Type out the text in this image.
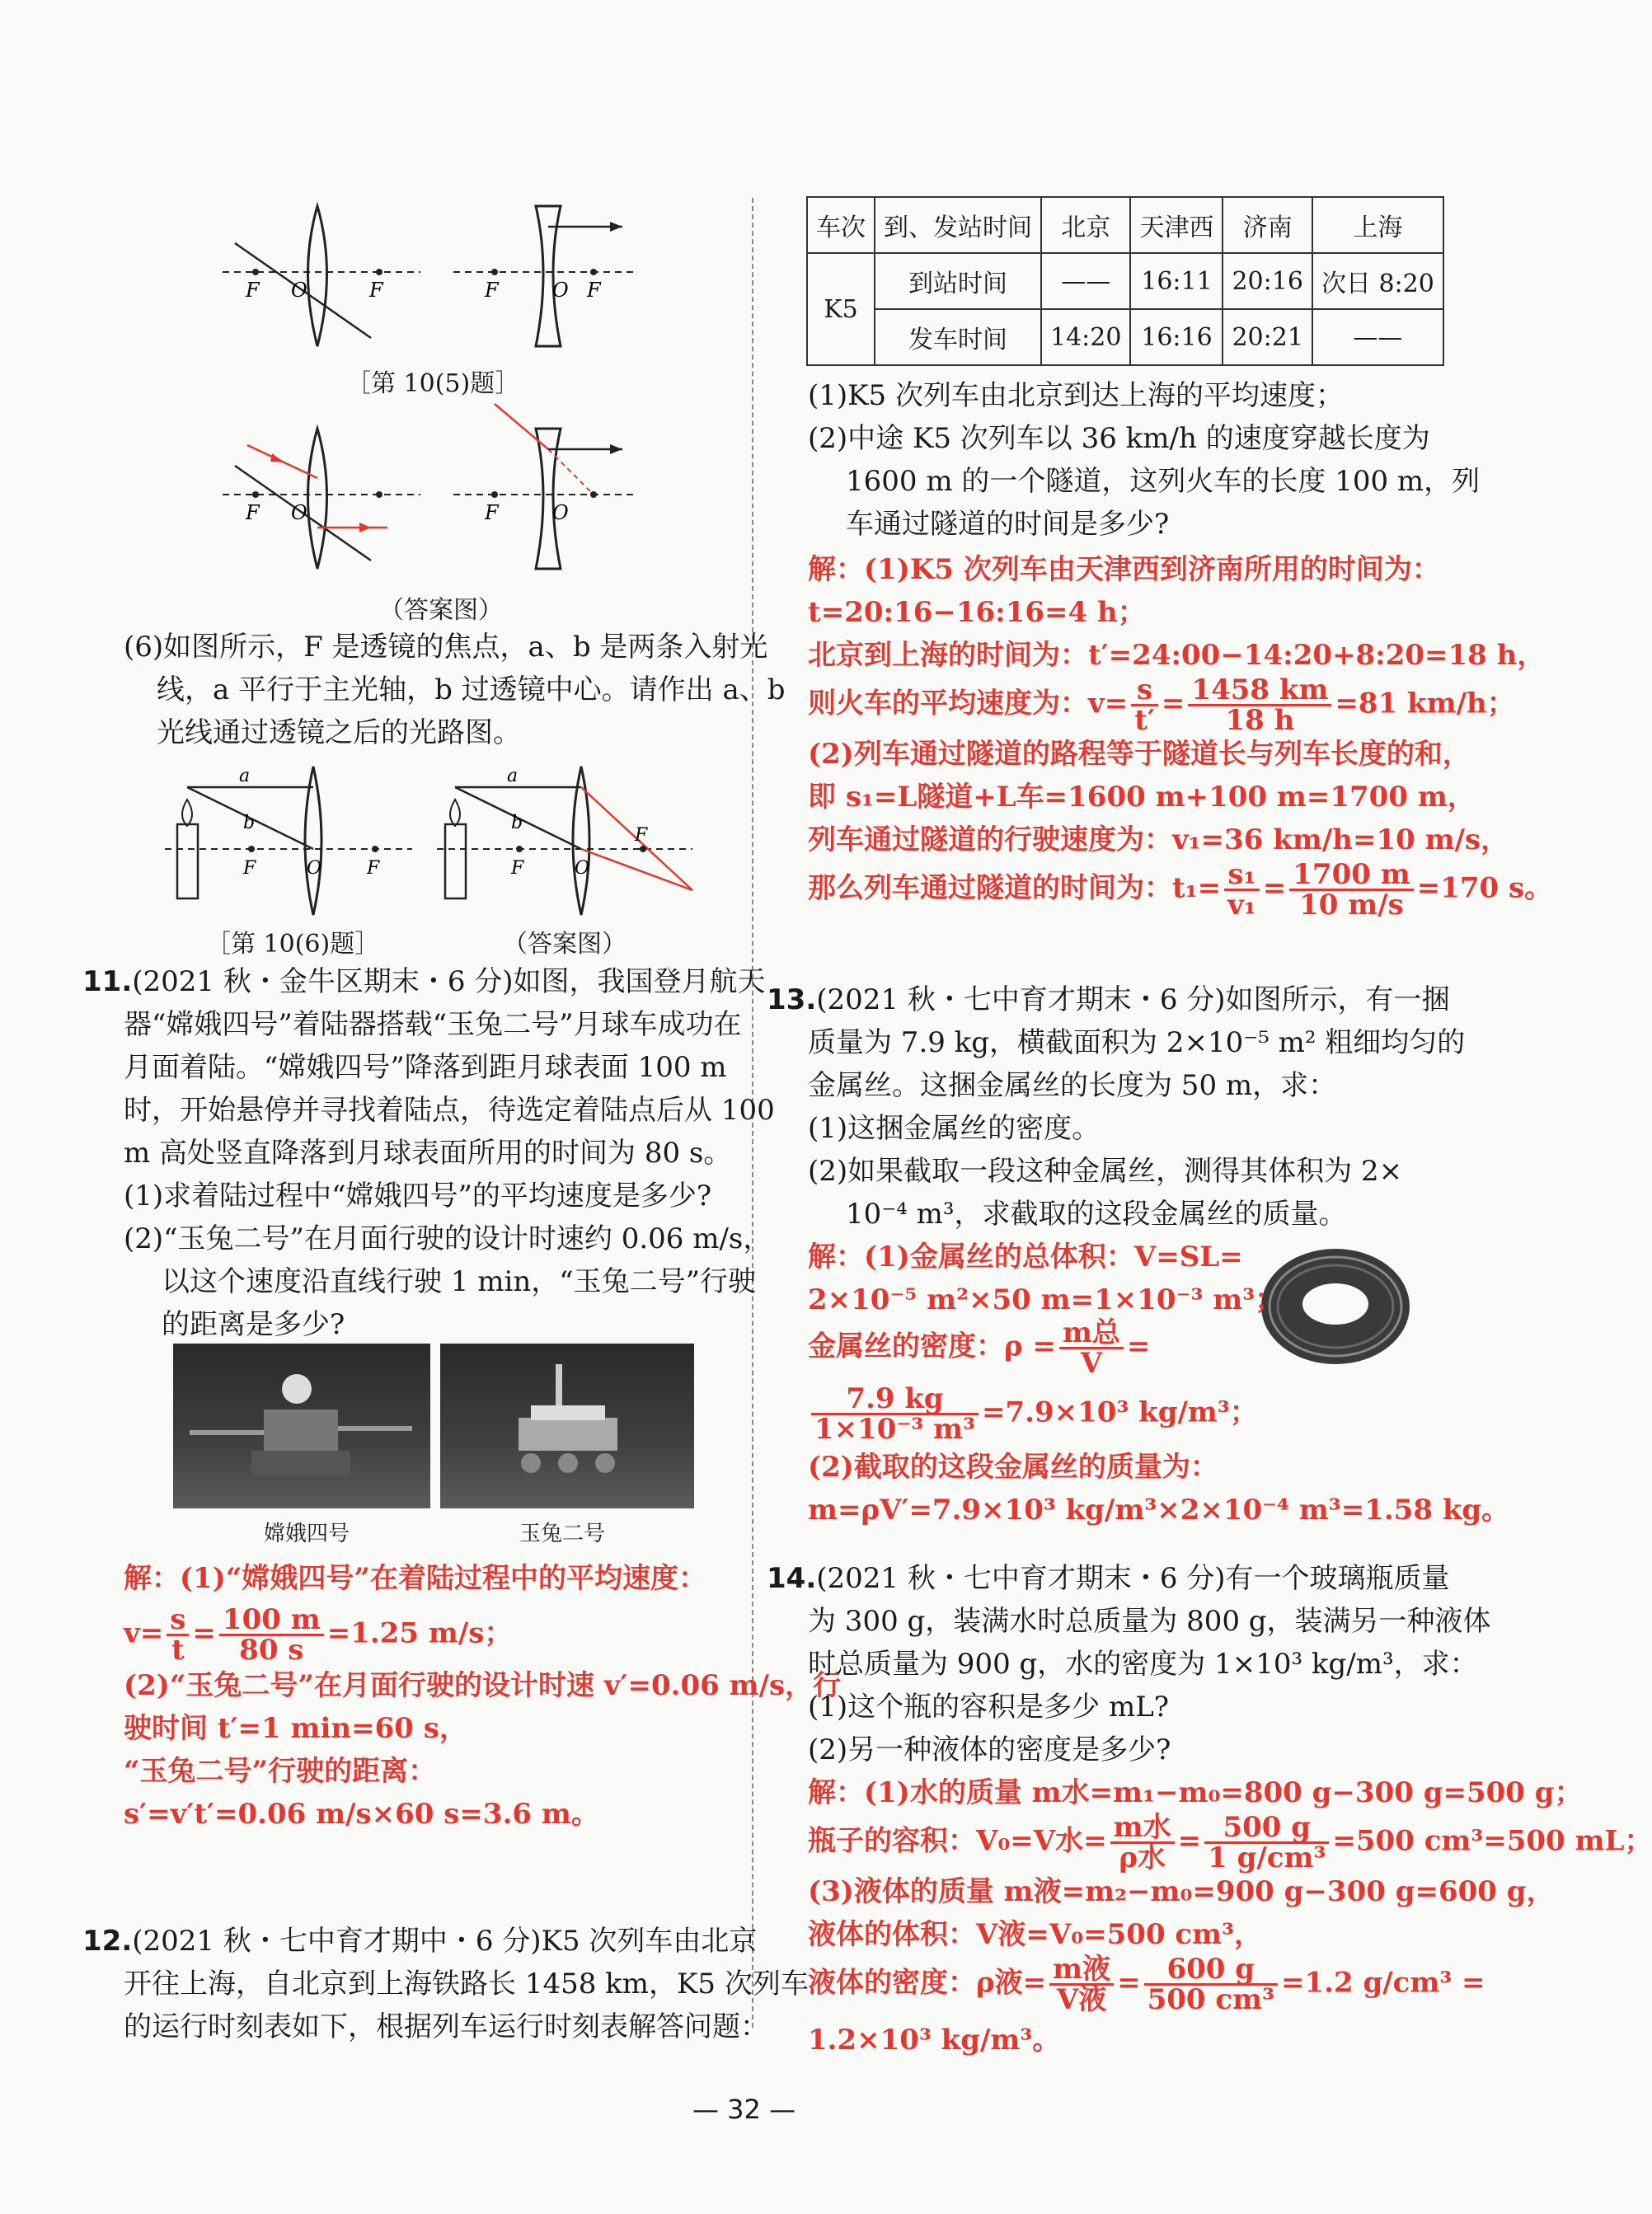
F O	F	F	O F
［第 10(5)题］
F O	F	O
（答案图）
(6)如图所示，F 是透镜的焦点，a、b 是两条入射光
线，a 平行于主光轴，b 过透镜中心。请作出 a、b
光线通过透镜之后的光路图。
a
b
F	O F
a
b
F	O
F
［第 10(6)题］	（答案图）
11.(2021 秋・金牛区期末・6 分)如图，我国登月航天
器“嫦娥四号”着陆器搭载“玉兔二号”月球车成功在
月面着陆。“嫦娥四号”降落到距月球表面 100 m
时，开始悬停并寻找着陆点，待选定着陆点后从 100
m 高处竖直降落到月球表面所用的时间为 80 s。
(1)求着陆过程中“嫦娥四号”的平均速度是多少?
(2)“玉兔二号”在月面行驶的设计时速约 0.06 m/s，
以这个速度沿直线行驶 1 min，“玉兔二号”行驶
的距离是多少?
嫦娥四号	玉兔二号
解：(1)“嫦娥四号”在着陆过程中的平均速度：
$v= \frac{s}{t} = \frac{100 m}{80 s} =1.25$ m/s；
(2)“玉兔二号”在月面行驶的设计时速 v′=0.06 m/s，行
驶时间 t′=1 min=60 s，
“玉兔二号”行驶的距离：
s′=v′t′=0.06 m/s×60 s=3.6 m。
12.(2021 秋・七中育才期中・6 分)K5 次列车由北京
开往上海，自北京到上海铁路长 1458 km，K5 次列车
的运行时刻表如下，根据列车运行时刻表解答问题：
车次	到、发站时间	北京	天津西	济南	上海
K5	到站时间	——	16:11	20:16	次日 8:20
	发车时间	14:20	16:16	20:21	——
(1)K5 次列车由北京到达上海的平均速度；
(2)中途 K5 次列车以 36 km/h 的速度穿越长度为
1600 m 的一个隧道，这列火车的长度 100 m，列
车通过隧道的时间是多少?
解：(1)K5 次列车由天津西到济南所用的时间为：
t=20:16−16:16=4 h；
北京到上海的时间为：t′=24:00−14:20+8:20=18 h，
则火车的平均速度为：$v= \frac{s}{t'} = \frac{1458 km}{18 h} =81$ km/h；
(2)列车通过隧道的路程等于隧道长与列车长度的和，
即 s₁=L隧道+L车=1600 m+100 m=1700 m，
列车通过隧道的行驶速度为：v₁=36 km/h=10 m/s，
那么列车通过隧道的时间为：$t_1= \frac{\text{s₁}}{\text{v₁}} = \frac{1700 m}{10 m/s} =170$ s。
13.(2021 秋・七中育才期末・6 分)如图所示，有一捆
质量为 7.9 kg，横截面积为 2×10⁻⁵ m² 粗细均匀的
金属丝。这捆金属丝的长度为 50 m，求：
(1)这捆金属丝的密度。
(2)如果截取一段这种金属丝，测得其体积为 2×
10⁻⁴ m³，求截取的这段金属丝的质量。
解：(1)金属丝的总体积：V=SL=
2×10⁻⁵ m²×50 m=1×10⁻³ m³；
金属丝的密度：$\rho = \frac{\text{m总}}{V}$ =
$\frac{7.9 kg}{\text{1×10⁻³ m³}} =7.9\times 10^3$ kg/m³；
(2)截取的这段金属丝的质量为：
m=ρV′=7.9×10³ kg/m³×2×10⁻⁴ m³=1.58 kg。
14.(2021 秋・七中育才期末・6 分)有一个玻璃瓶质量
为 300 g，装满水时总质量为 800 g，装满另一种液体
时总质量为 900 g，水的密度为 1×10³ kg/m³，求：
(1)这个瓶的容积是多少 mL?
(2)另一种液体的密度是多少?
解：(1)水的质量 m水=m₁−m₀=800 g−300 g=500 g；
瓶子的容积：V₀=V水= $\frac{\text{m水}}{\text{ρ水}} = \frac{500 g}{\text{1 g/cm³}} =500$ cm³=500 mL；
(3)液体的质量 m液=m₂−m₀=900 g−300 g=600 g，
液体的体积：V液=V₀=500 cm³，
液体的密度：ρ液= $\frac{\text{m液}}{\text{V液}} = \frac{600 g}{\text{500 cm³}} =1.2$ g/cm³ =
1.2×10³ kg/m³。
— 32 —
